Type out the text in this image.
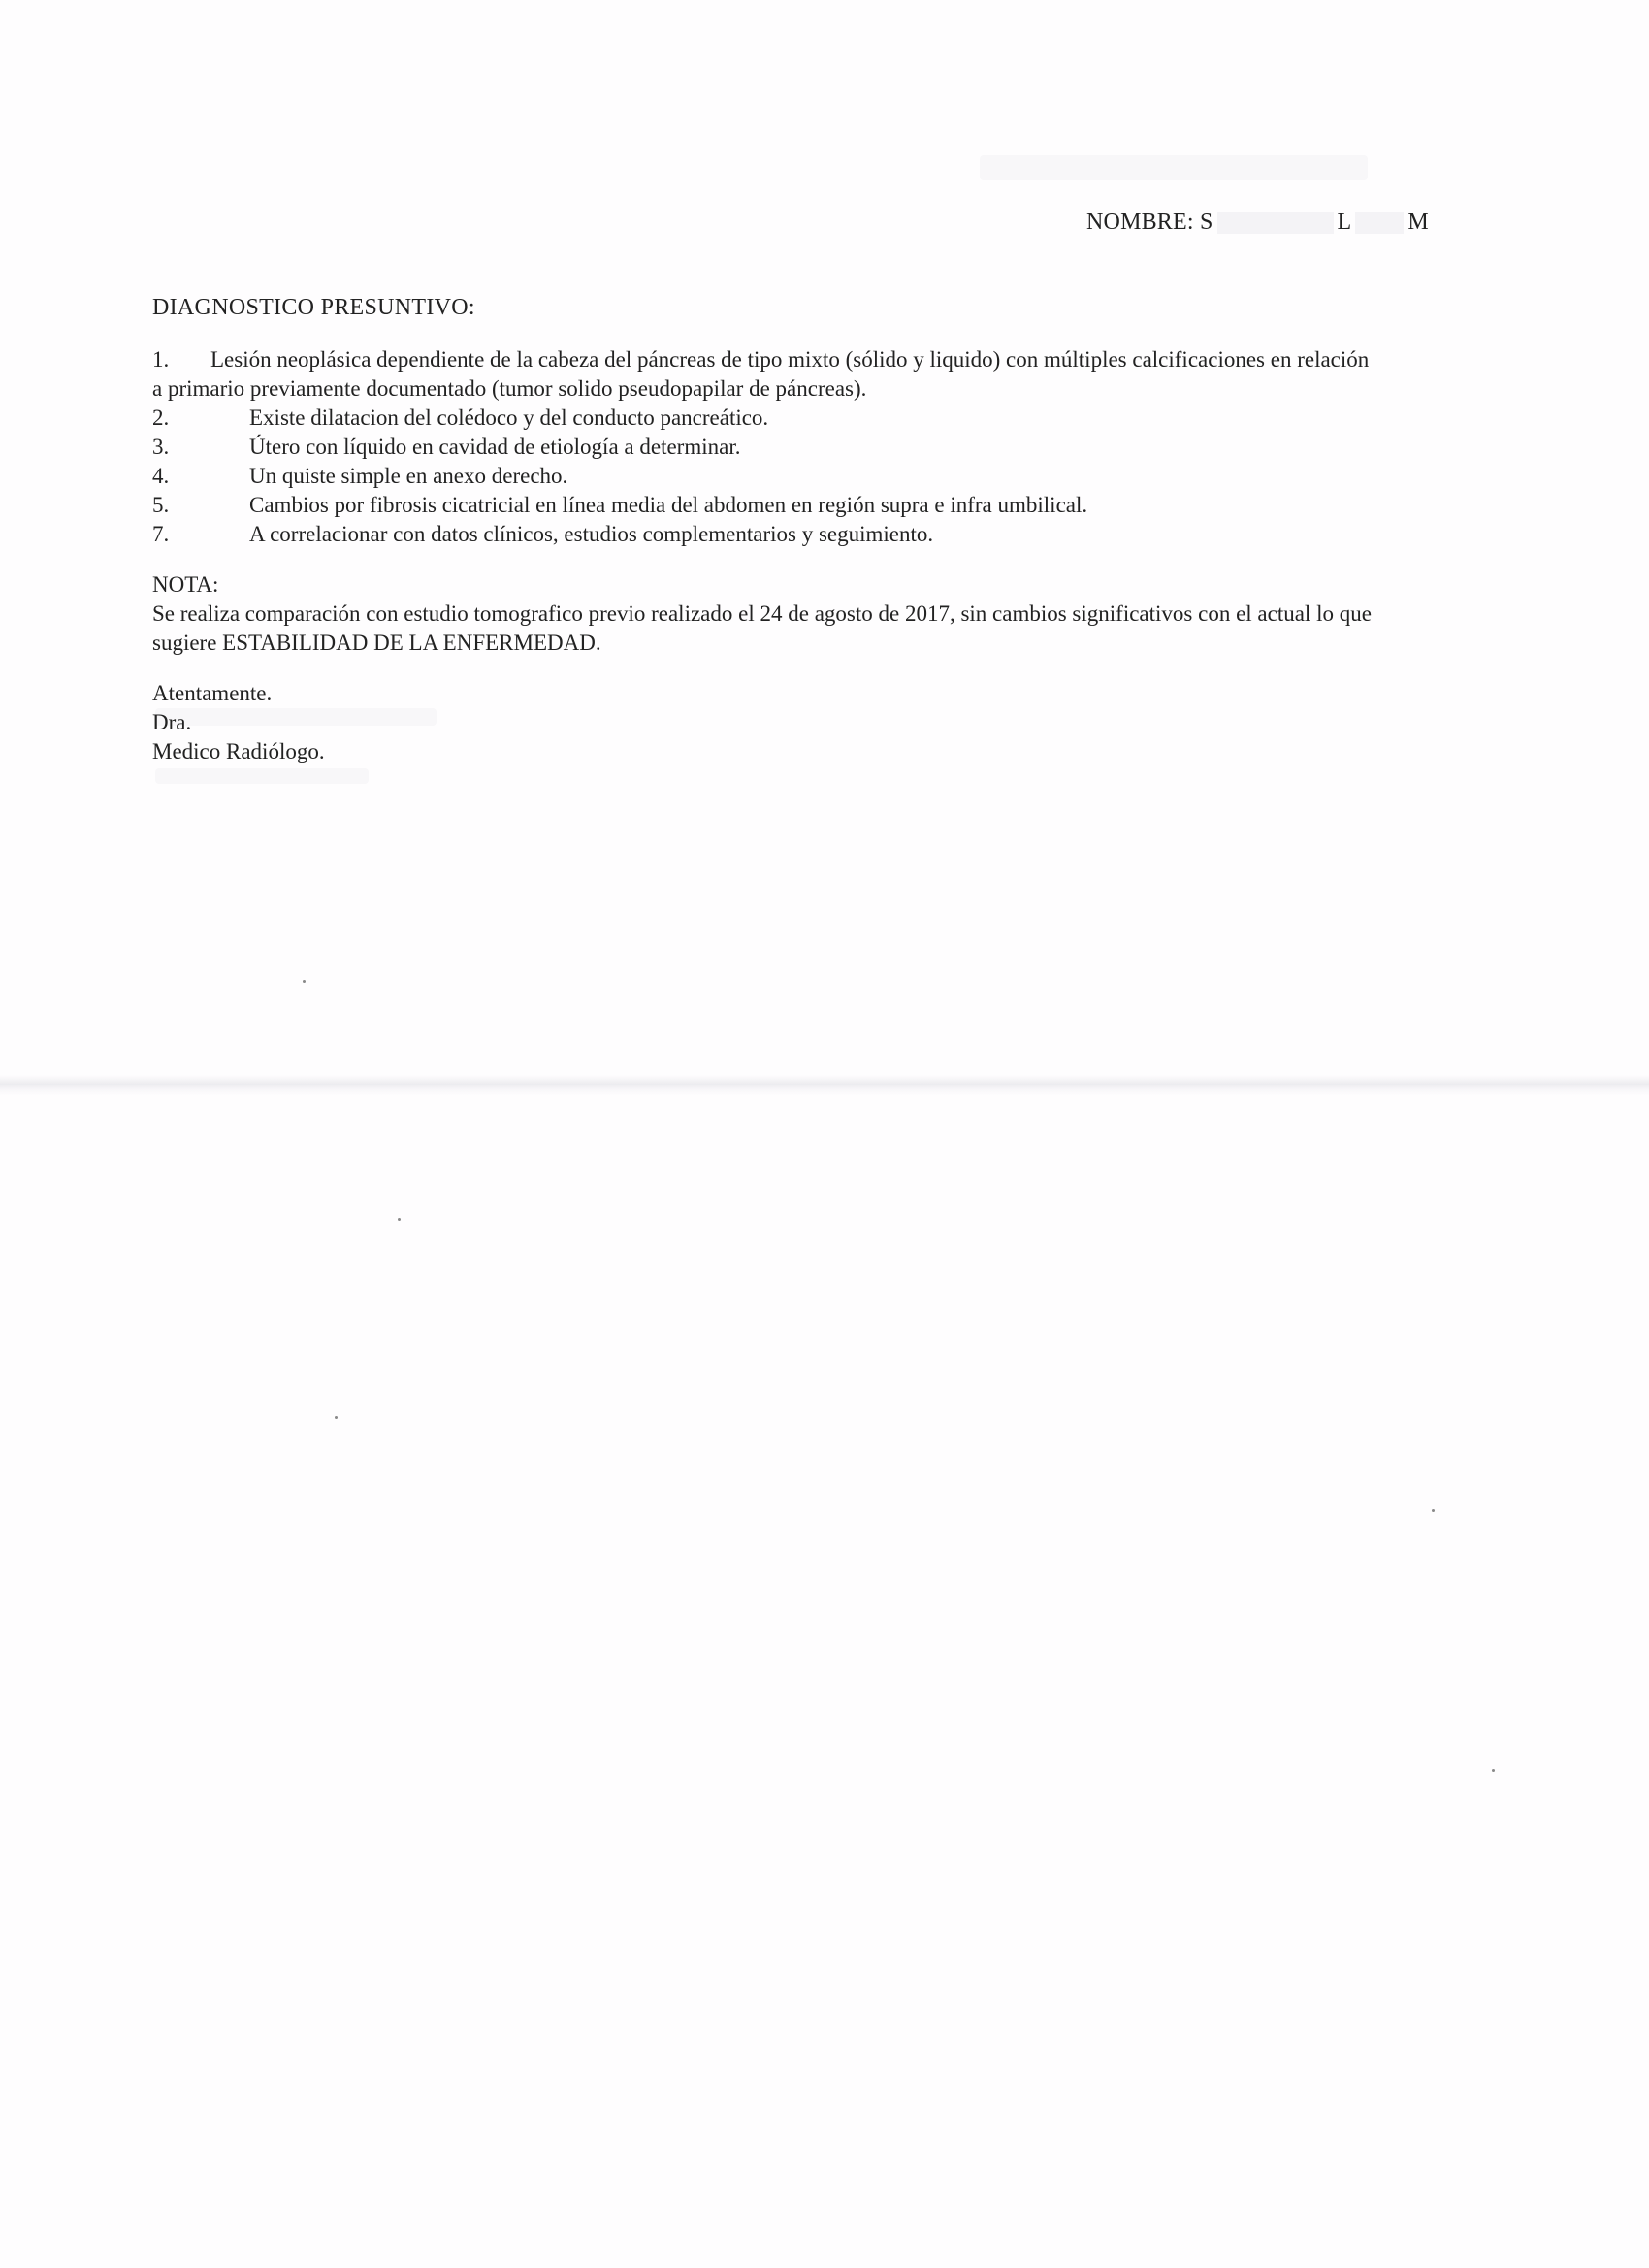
NOMBRE: S	L M
DIAGNOSTICO PRESUNTIVO:
1. Lesión neoplásica dependiente de la cabeza del páncreas de tipo mixto (sólido y liquido) con múltiples calcificaciones en relación
a primario previamente documentado (tumor solido pseudopapilar de páncreas).
2.	Existe dilatacion del colédoco y del conducto pancreático.
3.	Útero con líquido en cavidad de etiología a determinar.
4.	Un quiste simple en anexo derecho.
5.	Cambios por fibrosis cicatricial en línea media del abdomen en región supra e infra umbilical.
7.	A correlacionar con datos clínicos, estudios complementarios y seguimiento.
NOTA:
Se realiza comparación con estudio tomografico previo realizado el 24 de agosto de 2017, sin cambios significativos con el actual lo que
sugiere ESTABILIDAD DE LA ENFERMEDAD.
Atentamente.
Dra.
Medico Radiólogo.
